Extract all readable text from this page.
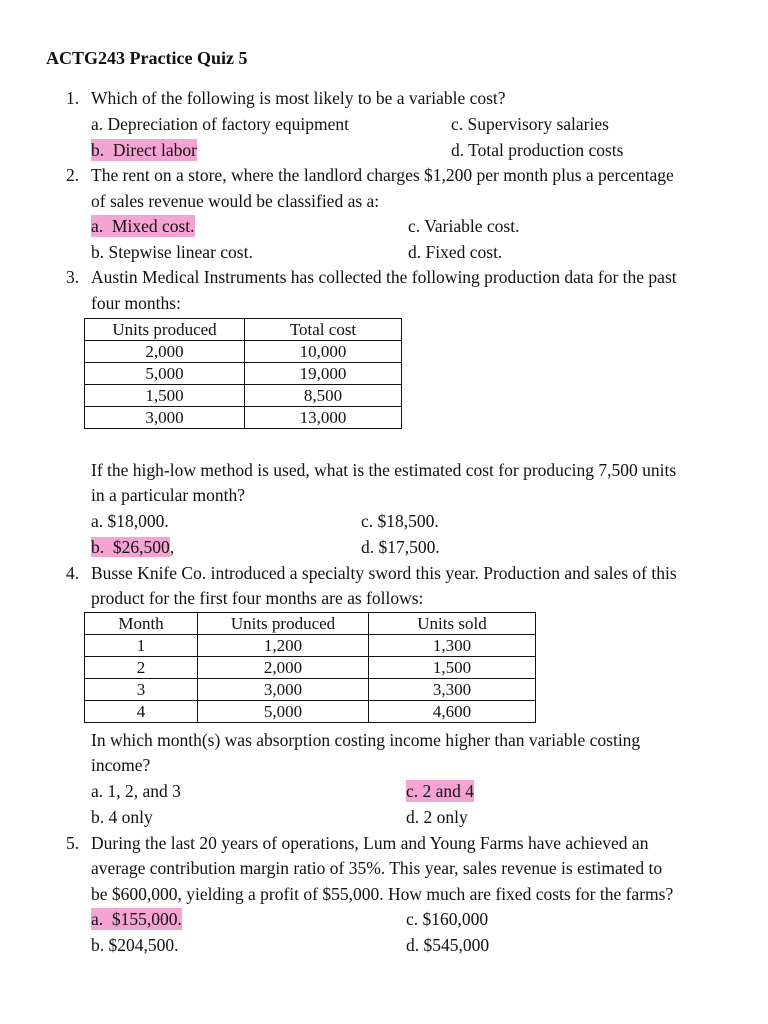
ACTG243 Practice Quiz 5
1. Which of the following is most likely to be a variable cost?
a. Depreciation of factory equipment	c. Supervisory salaries
b. Direct labor	d. Total production costs
2. The rent on a store, where the landlord charges $1,200 per month plus a percentage
of sales revenue would be classified as a:
a. Mixed cost.	c. Variable cost.
b. Stepwise linear cost.	d. Fixed cost.
3. Austin Medical Instruments has collected the following production data for the past
four months:
Units produced	Total cost
2,000	10,000
5,000	19,000
1,500	8,500
3,000	13,000
If the high-low method is used, what is the estimated cost for producing 7,500 units
in a particular month?
a. $18,000.	c. $18,500.
b. $26,500,	d. $17,500.
4. Busse Knife Co. introduced a specialty sword this year. Production and sales of this
product for the first four months are as follows:
Month	Units produced	Units sold
1	1,200	1,300
2	2,000	1,500
3	3,000	3,300
4	5,000	4,600
In which month(s) was absorption costing income higher than variable costing
income?
a. 1, 2, and 3	c. 2 and 4
b. 4 only	d. 2 only
5. During the last 20 years of operations, Lum and Young Farms have achieved an
average contribution margin ratio of 35%. This year, sales revenue is estimated to
be $600,000, yielding a profit of $55,000. How much are fixed costs for the farms?
a. $155,000.	c. $160,000
b. $204,500.	d. $545,000
